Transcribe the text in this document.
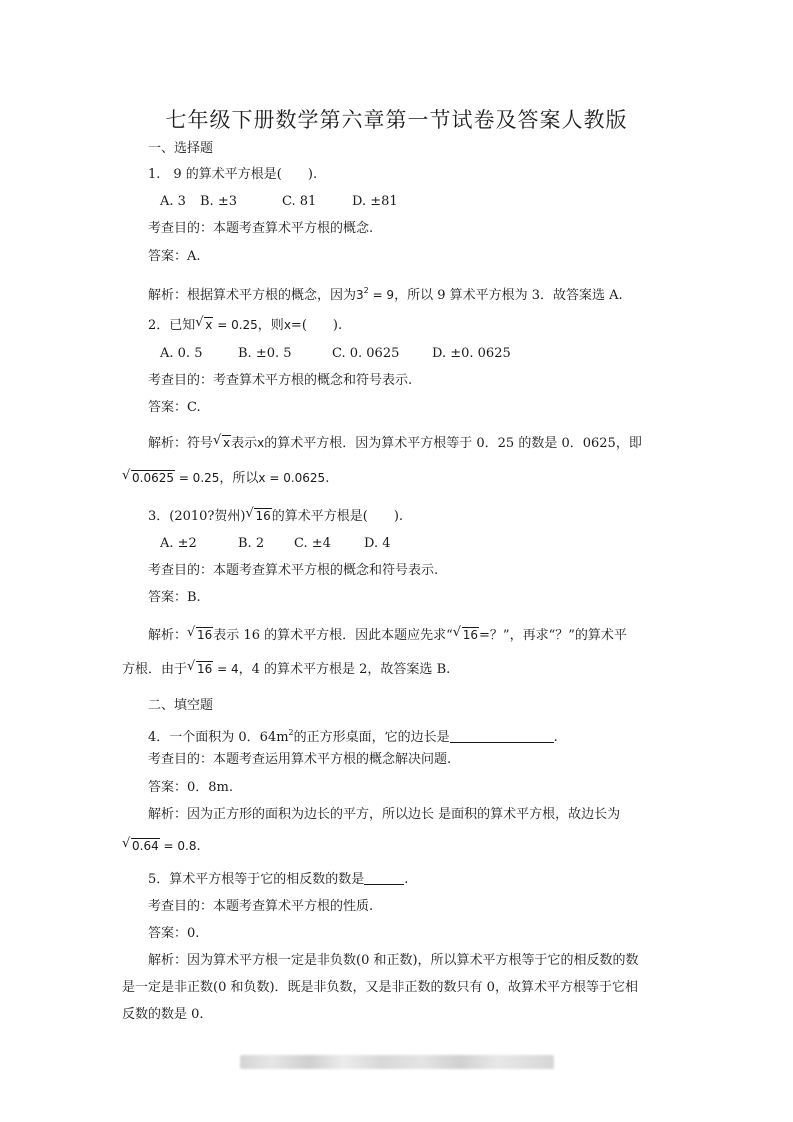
七年级下册数学第六章第一节试卷及答案人教版
一、选择题
1.　9 的算术平方根是(　　).
A. 3 B. ±3	C. 81	D. ±81
考查目的：本题考查算术平方根的概念.
答案：A.
解析：根据算术平方根的概念，因为$3^2 = 9$，所以 9 算术平方根为 3．故答案选 A.
2．已知 √ x = 0.25，则x=(　　).
A. 0. 5	B. ±0. 5	C. 0. 0625	D. ±0. 0625
考查目的：考查算术平方根的概念和符号表示.
答案：C.
解析：符号 √ x表示x的算术平方根．因为算术平方根等于 0．25 的数是 0．0625，即
√ 0.0625 = 0.25，所以x = 0.0625.
3．(2010?贺州) √ 16的算术平方根是(　　).
A. ±2	B. 2 C. ±4	D. 4
考查目的：本题考查算术平方根的概念和符号表示.
答案：B.
解析： √ 16表示 16 的算术平方根．因此本题应先求“ √ 16=？”，再求“？”的算术平
方根．由于 √ 16 = 4，4 的算术平方根是 2，故答案选 B.
二、填空题
4．一个面积为 0．$64m^2$的正方形桌面，它的边长是	.
考查目的：本题考查运用算术平方根的概念解决问题.
答案：0．8m.
解析：因为正方形的面积为边长的平方，所以边长 是面积的算术平方根，故边长为
√ 0.64 = 0.8.
5．算术平方根等于它的相反数的数是	.
考查目的：本题考查算术平方根的性质.
答案：0.
解析：因为算术平方根一定是非负数(0 和正数)，所以算术平方根等于它的相反数的数
是一定是非正数(0 和负数)．既是非负数，又是非正数的数只有 0，故算术平方根等于它相
反数的数是 0.
